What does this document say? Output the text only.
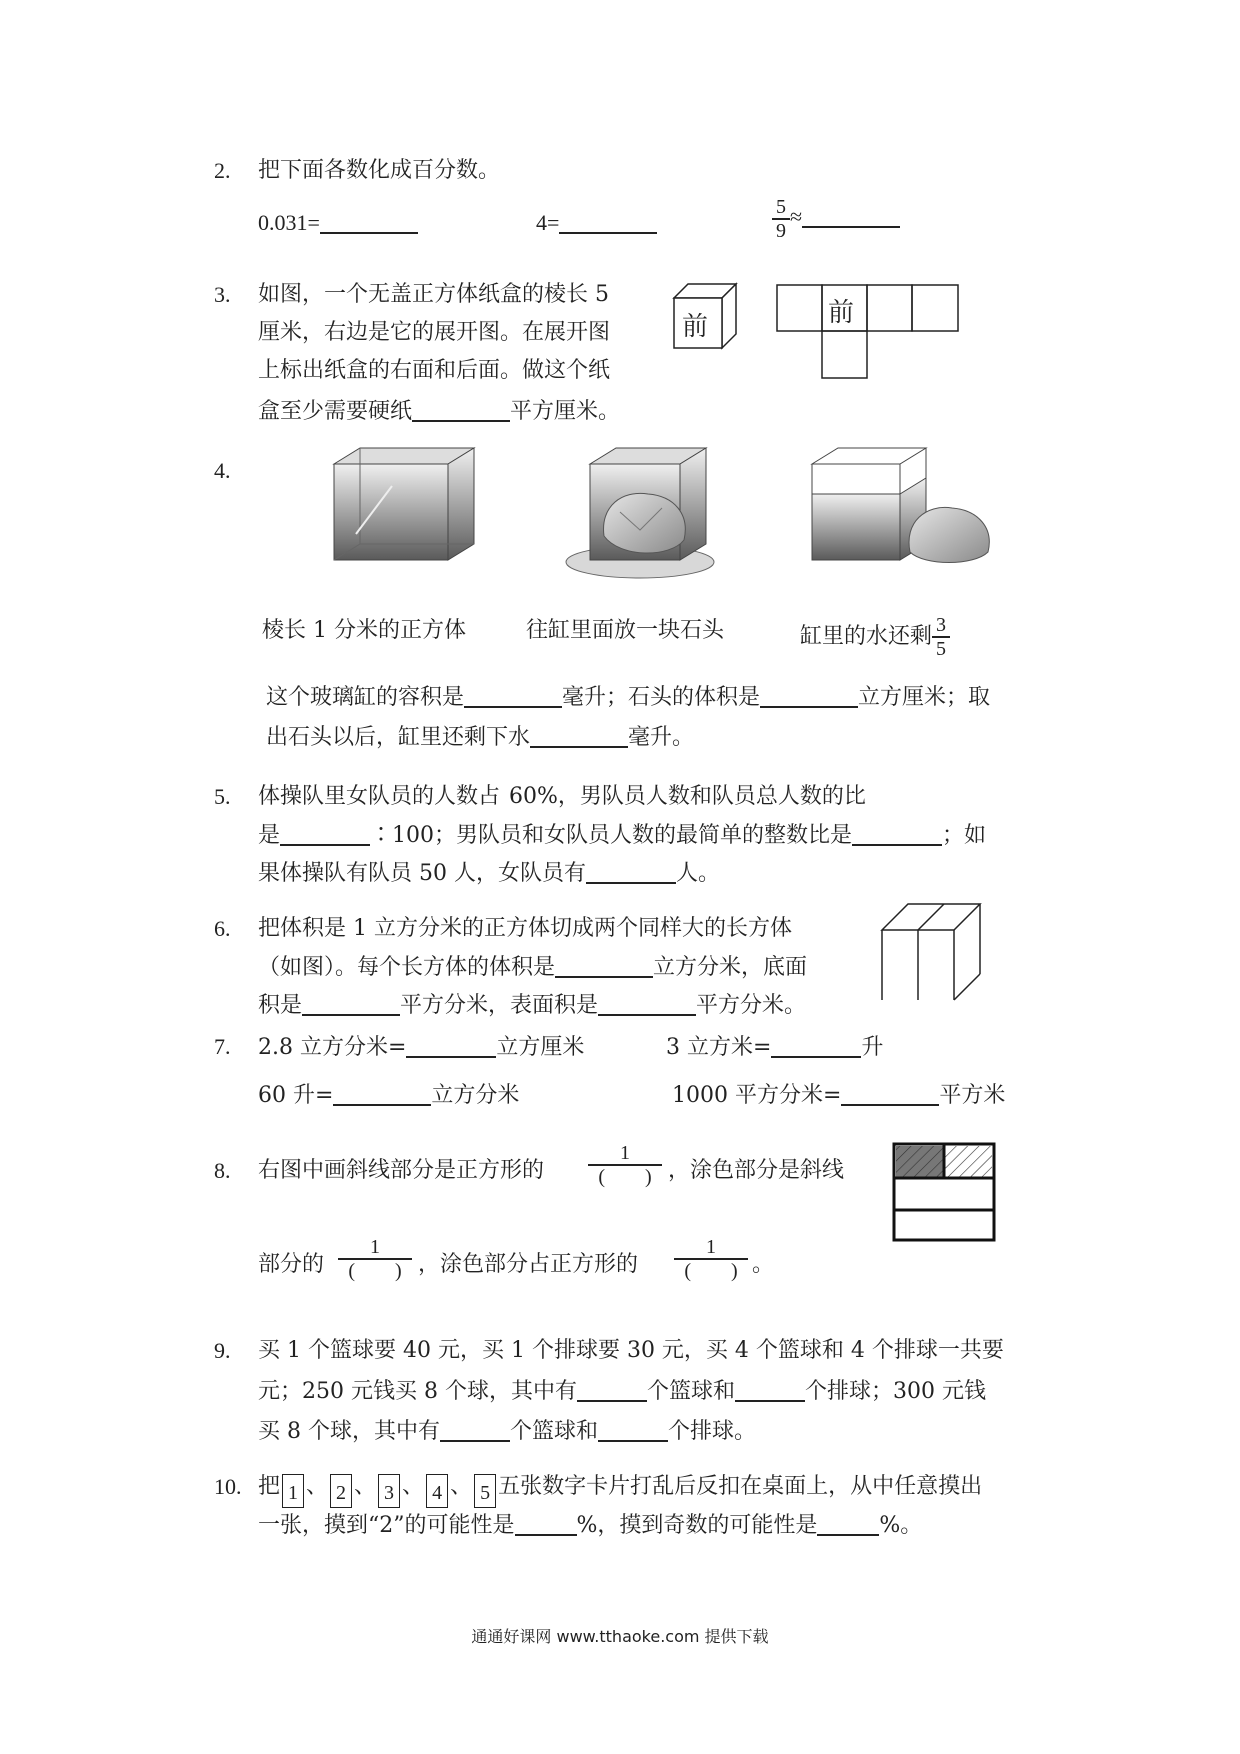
2. 把下面各数化成百分数。
0.031=	4=	$\frac{5}{9}$ ≈
3. 如图，一个无盖正方体纸盒的棱长 5
厘米，右边是它的展开图。在展开图
上标出纸盒的右面和后面。做这个纸
盒至少需要硬纸	平方厘米。
前	前
4.
棱长 1 分米的正方体	往缸里面放一块石头	缸里的水还剩 $\frac{3}{5}$
这个玻璃缸的容积是	毫升；石头的体积是	立方厘米；取
出石头以后，缸里还剩下水	毫升。
5. 体操队里女队员的人数占 60%，男队员人数和队员总人数的比
是	∶100；男队员和女队员人数的最简单的整数比是	；如
果体操队有队员 50 人，女队员有	人。
6. 把体积是 1 立方分米的正方体切成两个同样大的长方体
（如图）。每个长方体的体积是	立方分米，底面
积是	平方分米，表面积是	平方分米。
7. 2.8 立方分米=	立方厘米	3 立方米=	升
60 升=	立方分米	1000 平方分米=	平方米
8. 右图中画斜线部分是正方形的 $\frac{1}{( )}$ ，涂色部分是斜线
部分的 $\frac{1}{( )}$ ，涂色部分占正方形的 $\frac{1}{( )}$ 。
9. 买 1 个篮球要 40 元，买 1 个排球要 30 元，买 4 个篮球和 4 个排球一共要
元；250 元钱买 8 个球，其中有	个篮球和	个排球；300 元钱
买 8 个球，其中有	个篮球和	个排球。
10. 把 1 、 2 、 3 、 4 、 5 五张数字卡片打乱后反扣在桌面上，从中任意摸出
一张，摸到“2”的可能性是	%，摸到奇数的可能性是	%。
通通好课网 www.tthaoke.com 提供下载
